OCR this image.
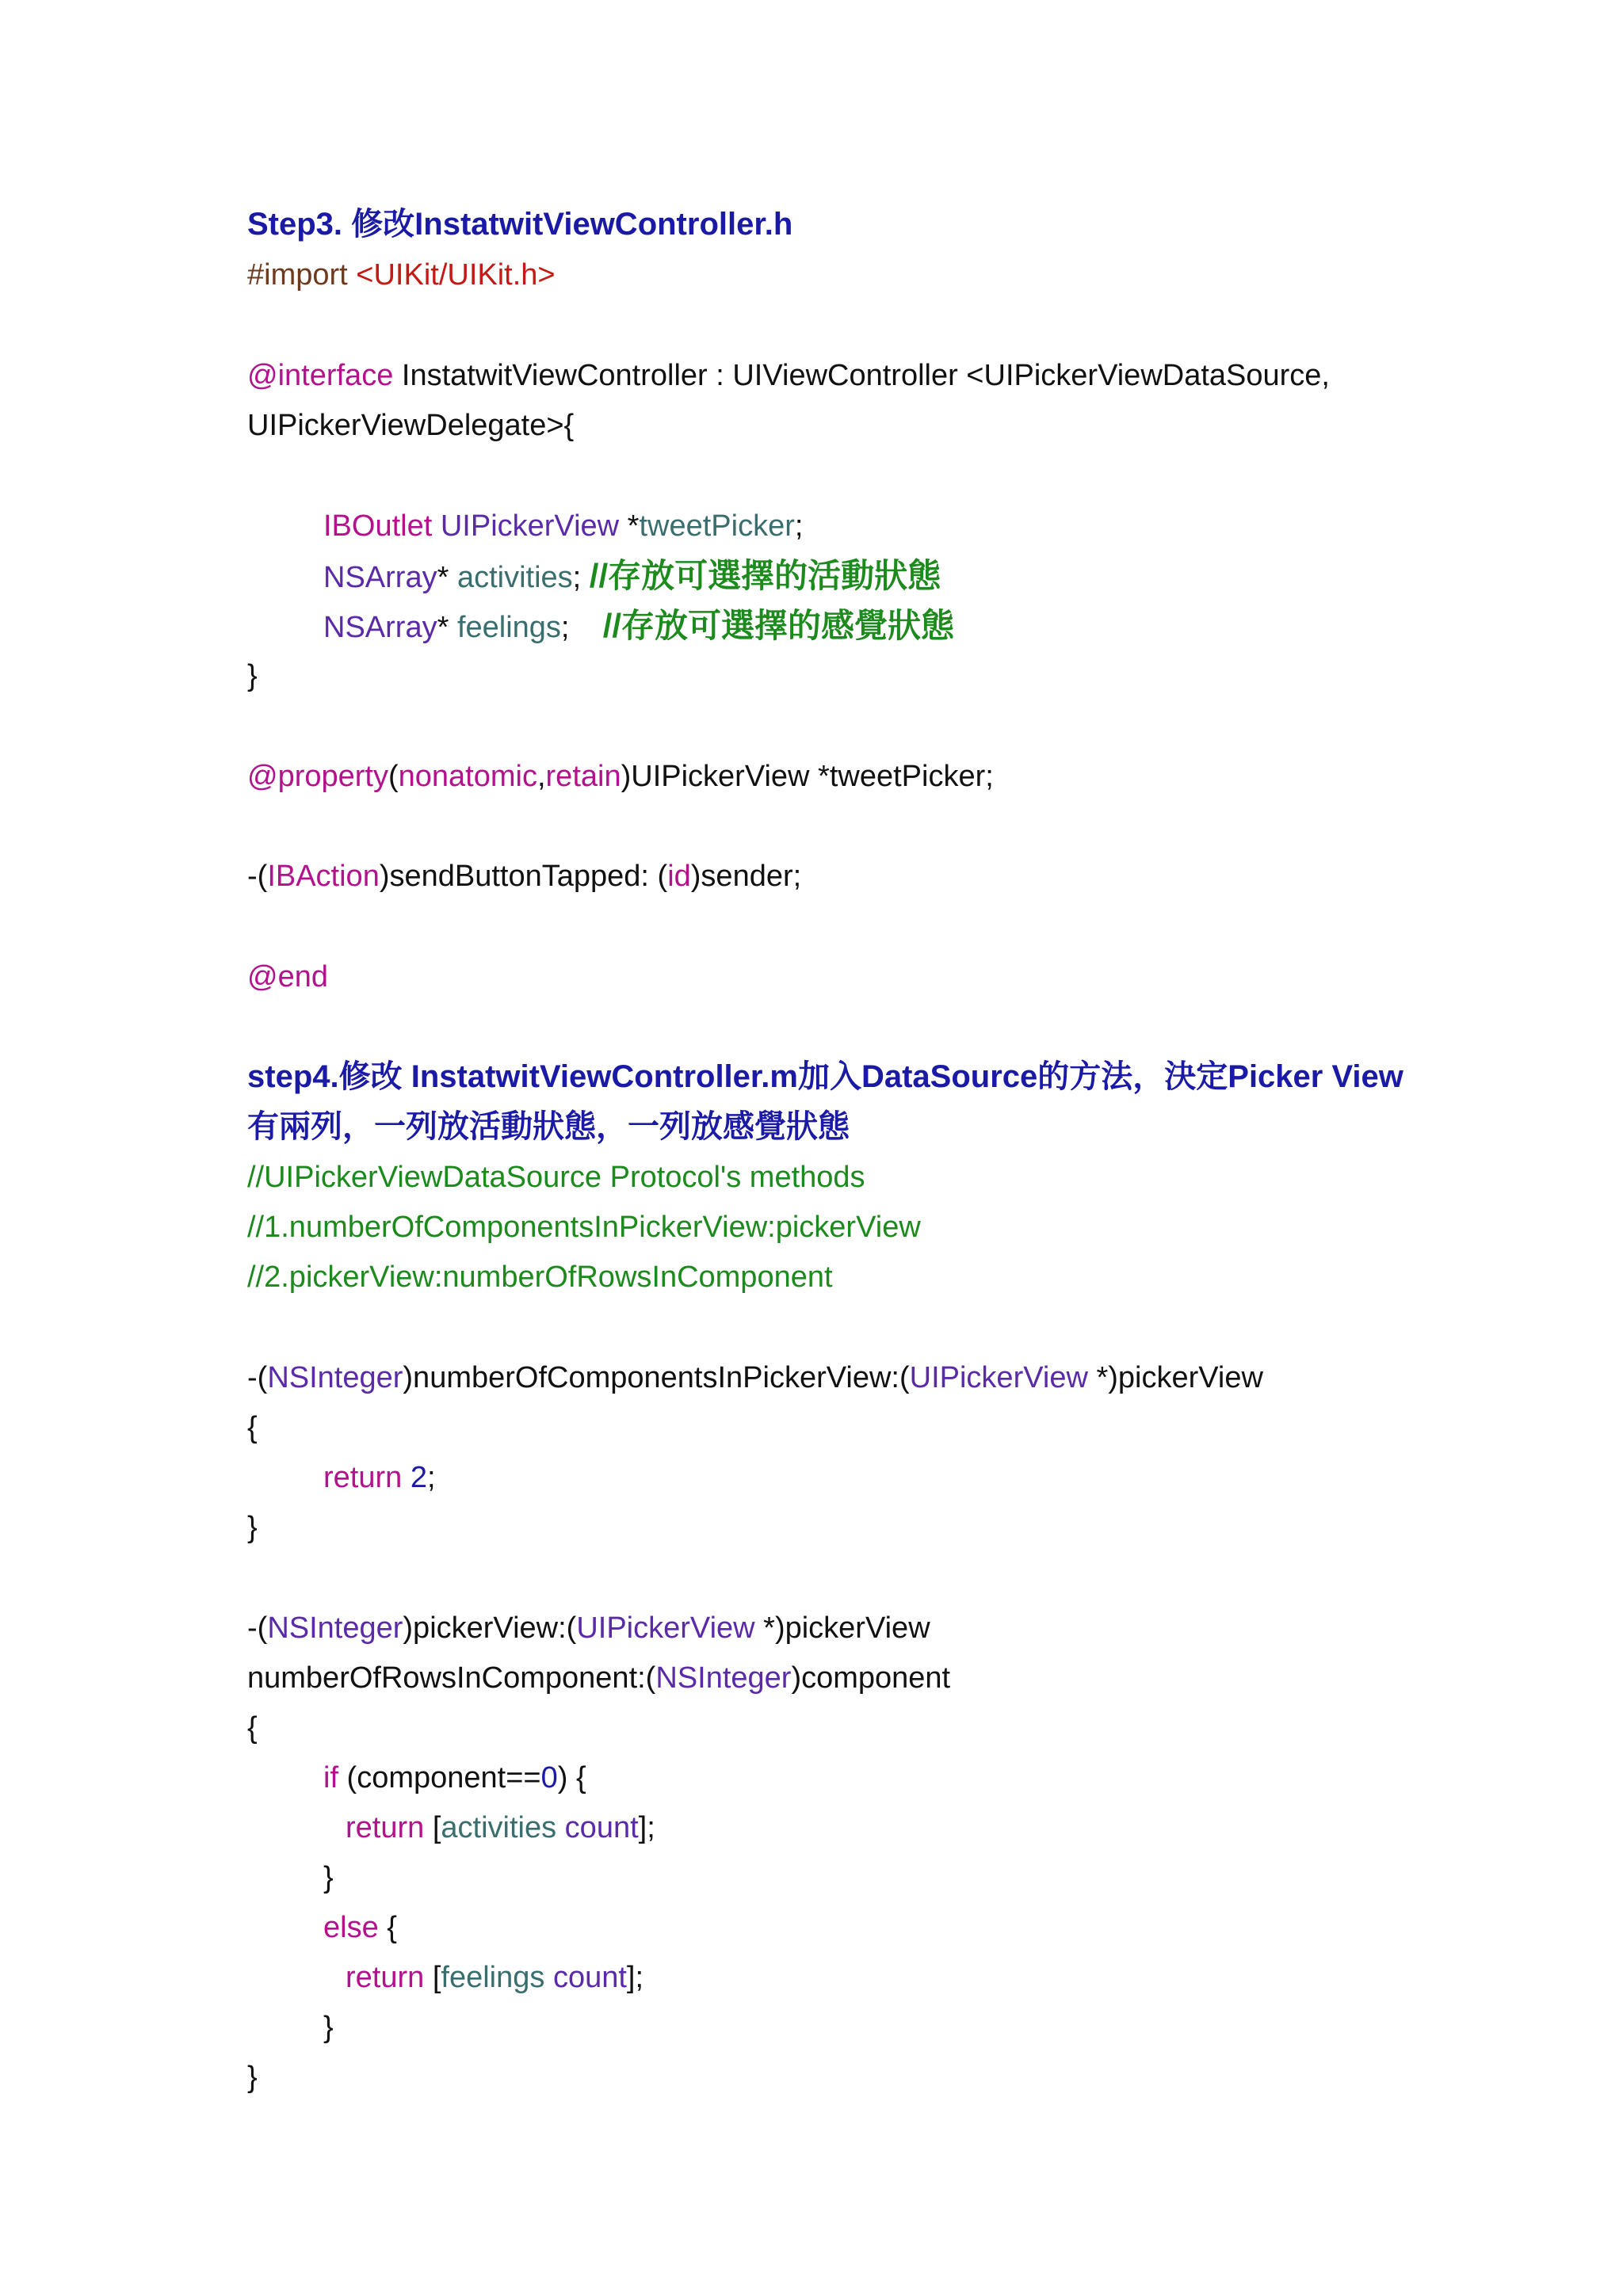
Step3. 修改InstatwitViewController.h
#import <UIKit/UIKit.h>
@interface InstatwitViewController : UIViewController <UIPickerViewDataSource,
UIPickerViewDelegate>{
IBOutlet UIPickerView *tweetPicker;
NSArray* activities; //存放可選擇的活動狀態
NSArray* feelings;    //存放可選擇的感覺狀態
}
@property(nonatomic,retain)UIPickerView *tweetPicker;
-(IBAction)sendButtonTapped: (id)sender;
@end
step4.修改 InstatwitViewController.m加入DataSource的方法，決定Picker View
有兩列，一列放活動狀態，一列放感覺狀態
//UIPickerViewDataSource Protocol's methods
//1.numberOfComponentsInPickerView:pickerView
//2.pickerView:numberOfRowsInComponent
-(NSInteger)numberOfComponentsInPickerView:(UIPickerView *)pickerView
{
return 2;
}
-(NSInteger)pickerView:(UIPickerView *)pickerView
numberOfRowsInComponent:(NSInteger)component
{
if (component==0) {
return [activities count];
}
else {
return [feelings count];
}
}
